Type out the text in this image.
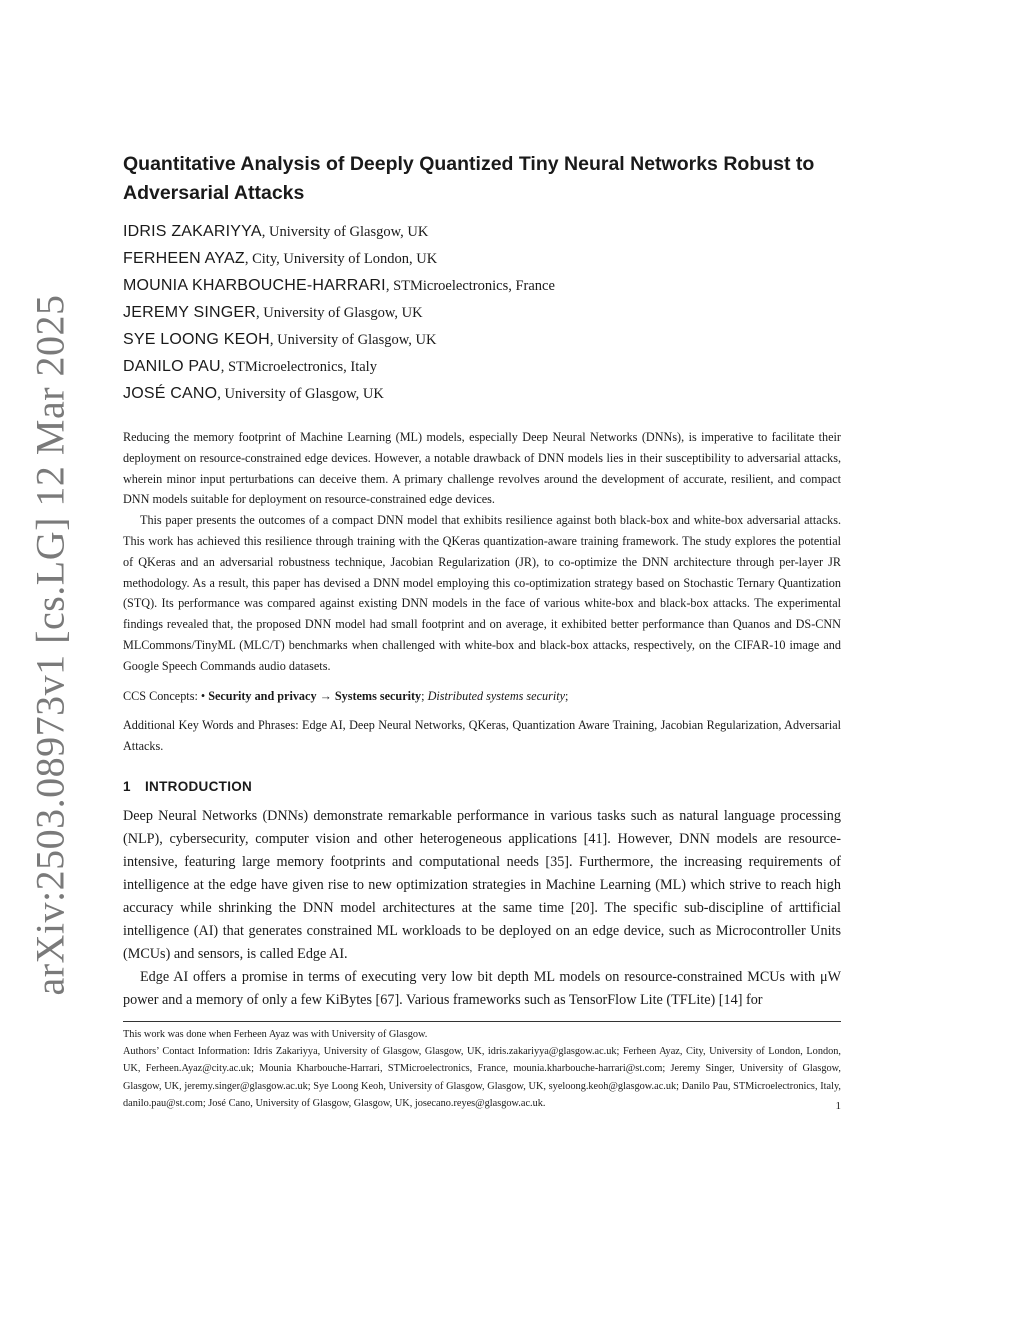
arXiv:2503.08973v1 [cs.LG] 12 Mar 2025
Quantitative Analysis of Deeply Quantized Tiny Neural Networks Robust to Adversarial Attacks
IDRIS ZAKARIYYA, University of Glasgow, UK
FERHEEN AYAZ, City, University of London, UK
MOUNIA KHARBOUCHE-HARRARI, STMicroelectronics, France
JEREMY SINGER, University of Glasgow, UK
SYE LOONG KEOH, University of Glasgow, UK
DANILO PAU, STMicroelectronics, Italy
JOSÉ CANO, University of Glasgow, UK

Reducing the memory footprint of Machine Learning (ML) models, especially Deep Neural Networks (DNNs), is imperative to facilitate their deployment on resource-constrained edge devices. However, a notable drawback of DNN models lies in their susceptibility to adversarial attacks, wherein minor input perturbations can deceive them. A primary challenge revolves around the development of accurate, resilient, and compact DNN models suitable for deployment on resource-constrained edge devices.

This paper presents the outcomes of a compact DNN model that exhibits resilience against both black-box and white-box adversarial attacks. This work has achieved this resilience through training with the QKeras quantization-aware training framework. The study explores the potential of QKeras and an adversarial robustness technique, Jacobian Regularization (JR), to co-optimize the DNN architecture through per-layer JR methodology. As a result, this paper has devised a DNN model employing this co-optimization strategy based on Stochastic Ternary Quantization (STQ). Its performance was compared against existing DNN models in the face of various white-box and black-box attacks. The experimental findings revealed that, the proposed DNN model had small footprint and on average, it exhibited better performance than Quanos and DS-CNN MLCommons/TinyML (MLC/T) benchmarks when challenged with white-box and black-box attacks, respectively, on the CIFAR-10 image and Google Speech Commands audio datasets.

CCS Concepts: • Security and privacy → Systems security; Distributed systems security;
Additional Key Words and Phrases: Edge AI, Deep Neural Networks, QKeras, Quantization Aware Training, Jacobian Regularization, Adversarial Attacks.
1 INTRODUCTION

Deep Neural Networks (DNNs) demonstrate remarkable performance in various tasks such as natural language processing (NLP), cybersecurity, computer vision and other heterogeneous applications [41]. However, DNN models are resource-intensive, featuring large memory footprints and computational needs [35]. Furthermore, the increasing requirements of intelligence at the edge have given rise to new optimization strategies in Machine Learning (ML) which strive to reach high accuracy while shrinking the DNN model architectures at the same time [20]. The specific sub-discipline of arttificial intelligence (AI) that generates constrained ML workloads to be deployed on an edge device, such as Microcontroller Units (MCUs) and sensors, is called Edge AI.

Edge AI offers a promise in terms of executing very low bit depth ML models on resource-constrained MCUs with μW power and a memory of only a few KiBytes [67]. Various frameworks such as TensorFlow Lite (TFLite) [14] for

This work was done when Ferheen Ayaz was with University of Glasgow.

Authors’ Contact Information: Idris Zakariyya, University of Glasgow, Glasgow, UK, idris.zakariyya@glasgow.ac.uk; Ferheen Ayaz, City, University of London, London, UK, Ferheen.Ayaz@city.ac.uk; Mounia Kharbouche-Harrari, STMicroelectronics, France, mounia.kharbouche-harrari@st.com; Jeremy Singer, University of Glasgow, Glasgow, UK, jeremy.singer@glasgow.ac.uk; Sye Loong Keoh, University of Glasgow, Glasgow, UK, syeloong.keoh@glasgow.ac.uk; Danilo Pau, STMicroelectronics, Italy, danilo.pau@st.com; José Cano, University of Glasgow, Glasgow, UK, josecano.reyes@glasgow.ac.uk.	1
